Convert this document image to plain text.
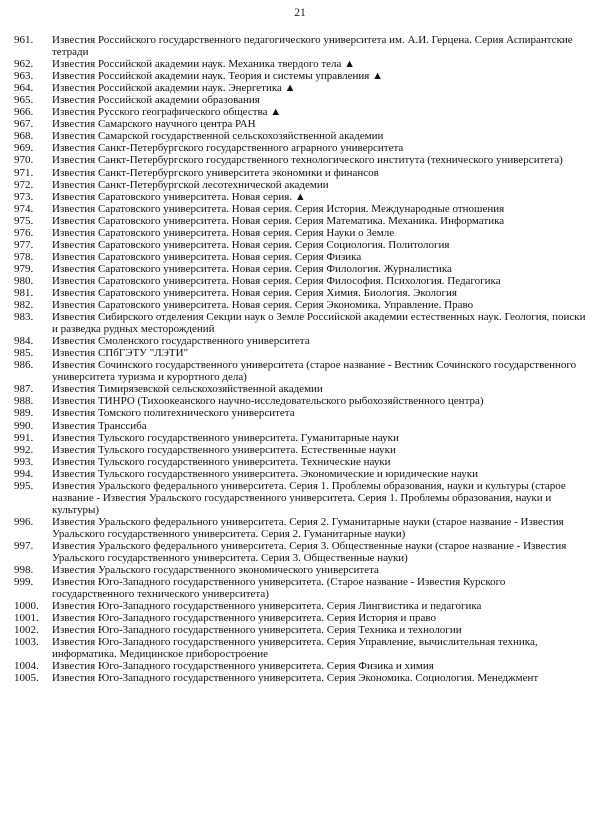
21
961.	Известия Российского государственного педагогического университета им. А.И. Герцена. Серия Аспирантские тетради
962.	Известия Российской академии наук. Механика твердого тела ▲
963.	Известия Российской академии наук. Теория и системы управления ▲
964.	Известия Российской академии наук. Энергетика ▲
965.	Известия Российской академии образования
966.	Известия Русского географического общества ▲
967.	Известия Самарского научного центра РАН
968.	Известия Самарской государственной сельскохозяйственной академии
969.	Известия Санкт-Петербургского государственного аграрного университета
970.	Известия Санкт-Петербургского государственного технологического института (технического университета)
971.	Известия Санкт-Петербургского университета экономики и финансов
972.	Известия Санкт-Петербургской лесотехнической академии
973.	Известия Саратовского университета. Новая серия. ▲
974.	Известия Саратовского университета. Новая серия. Серия История. Международные отношения
975.	Известия Саратовского университета. Новая серия. Серия Математика. Механика. Информатика
976.	Известия Саратовского университета. Новая серия. Серия Науки о Земле
977.	Известия Саратовского университета. Новая серия. Серия Социология. Политология
978.	Известия Саратовского университета. Новая серия. Серия Физика
979.	Известия Саратовского университета. Новая серия. Серия Филология. Журналистика
980.	Известия Саратовского университета. Новая серия. Серия Философия. Психология. Педагогика
981.	Известия Саратовского университета. Новая серия. Серия Химия. Биология. Экология
982.	Известия Саратовского университета. Новая серия. Серия Экономика. Управление. Право
983.	Известия Сибирского отделения Секции наук о Земле Российской академии естественных наук. Геология, поиски и разведка рудных месторождений
984.	Известия Смоленского государственного университета
985.	Известия СПбГЭТУ "ЛЭТИ"
986.	Известия Сочинского государственного университета (старое название - Вестник Сочинского государственного университета туризма и курортного дела)
987.	Известия Тимирязевской сельскохозяйственной академии
988.	Известия ТИНРО (Тихоокеанского научно-исследовательского рыбохозяйственного центра)
989.	Известия Томского политехнического университета
990.	Известия Транссиба
991.	Известия Тульского государственного университета. Гуманитарные науки
992.	Известия Тульского государственного университета. Естественные науки
993.	Известия Тульского государственного университета. Технические науки
994.	Известия Тульского государственного университета. Экономические и юридические науки
995.	Известия Уральского федерального университета. Серия 1. Проблемы образования, науки и культуры (старое название - Известия Уральского государственного университета. Серия 1. Проблемы образования, науки и культуры)
996.	Известия Уральского федерального университета. Серия 2. Гуманитарные науки (старое название - Известия Уральского государственного университета. Серия 2. Гуманитарные науки)
997.	Известия Уральского федерального университета. Серия 3. Общественные науки (старое название - Известия Уральского государственного университета. Серия 3. Общественные науки)
998.	Известия Уральского государственного экономического университета
999.	Известия Юго-Западного государственного университета. (Старое название - Известия Курского государственного технического университета)
1000.	Известия Юго-Западного государственного университета. Серия Лингвистика и педагогика
1001.	Известия Юго-Западного государственного университета. Серия История и право
1002.	Известия Юго-Западного государственного университета. Серия Техника и технологии
1003.	Известия Юго-Западного государственного университета. Серия Управление, вычислительная техника, информатика. Медицинское приборостроение
1004.	Известия Юго-Западного государственного университета. Серия Физика и химия
1005.	Известия Юго-Западного государственного университета. Серия Экономика. Социология. Менеджмент
